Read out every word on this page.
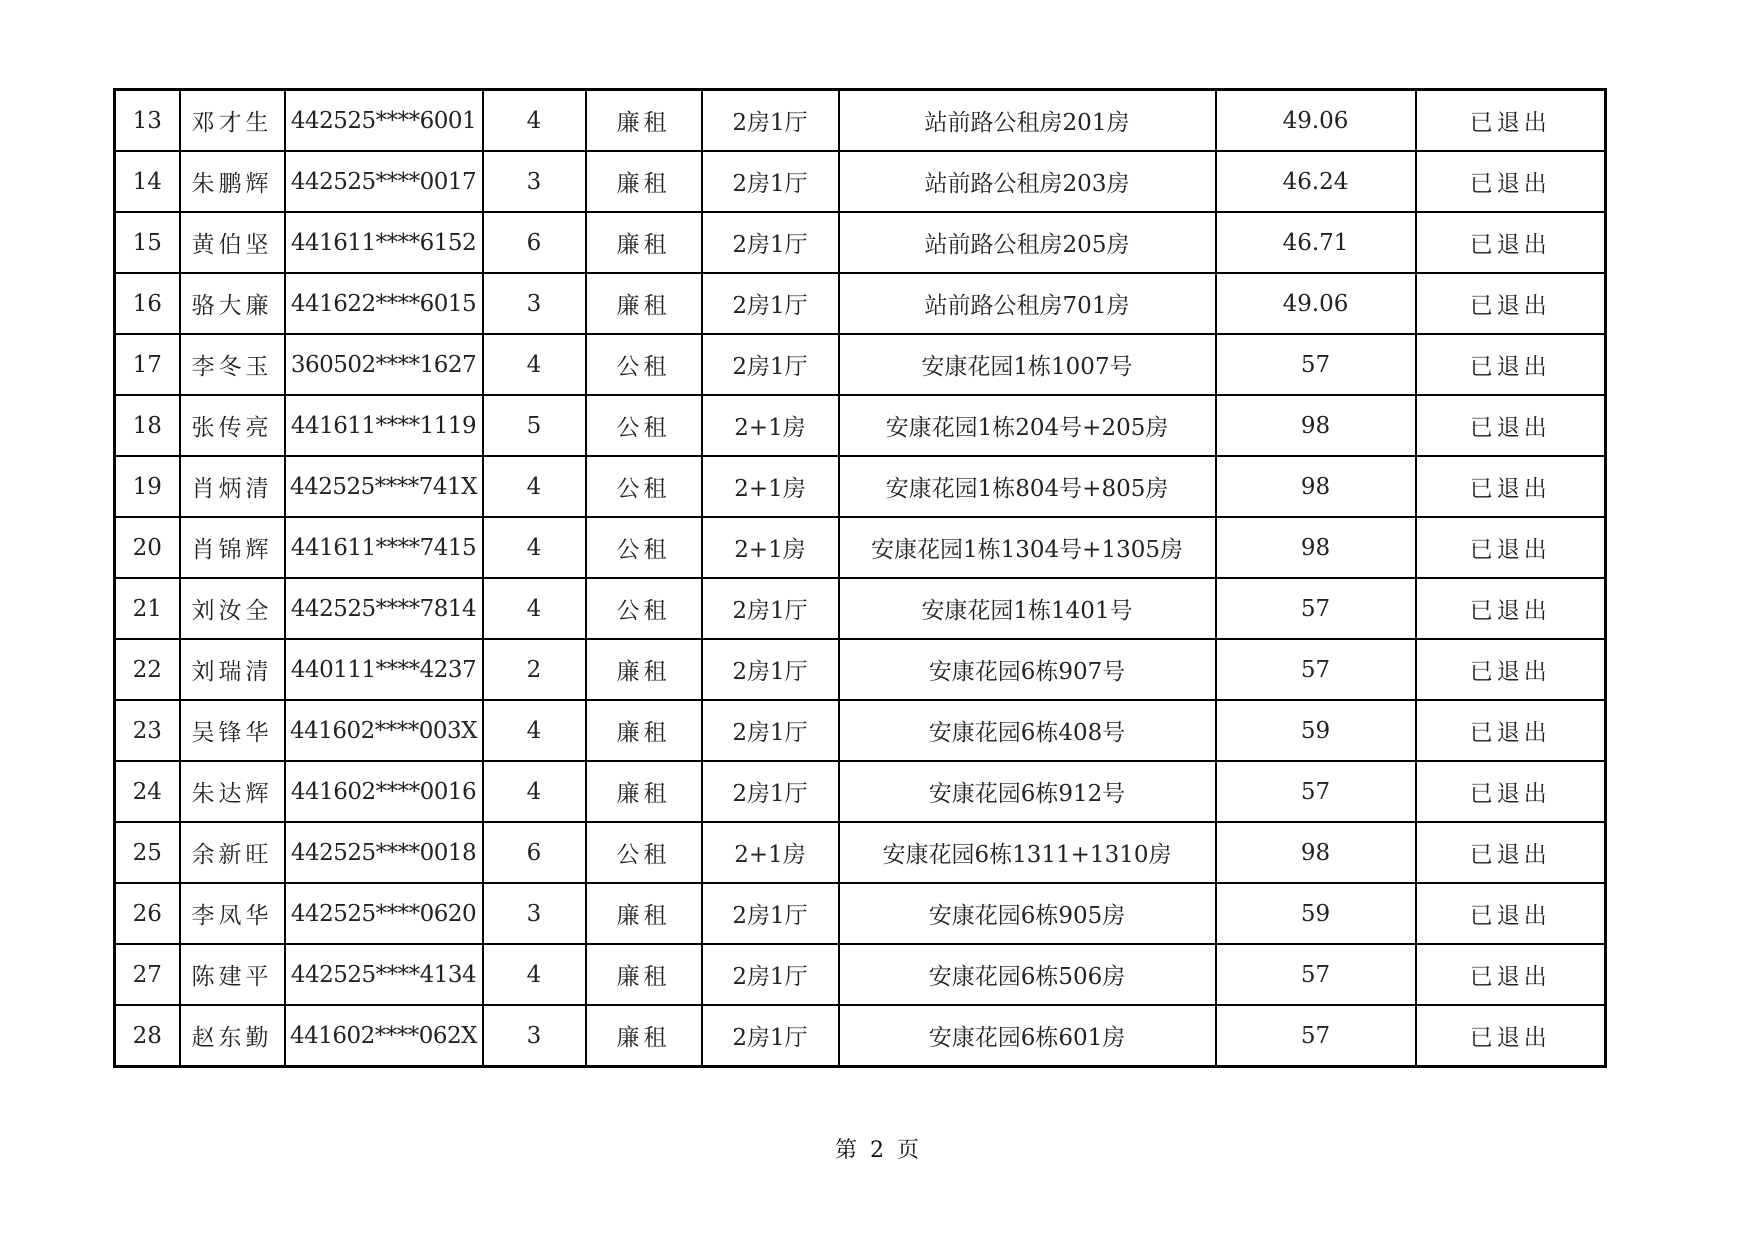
13	邓才生	442525****6001	4	廉租	2房1厅	站前路公租房201房	49.06	已退出
14	朱鹏辉	442525****0017	3	廉租	2房1厅	站前路公租房203房	46.24	已退出
15	黄伯坚	441611****6152	6	廉租	2房1厅	站前路公租房205房	46.71	已退出
16	骆大廉	441622****6015	3	廉租	2房1厅	站前路公租房701房	49.06	已退出
17	李冬玉	360502****1627	4	公租	2房1厅	安康花园1栋1007号	57	已退出
18	张传亮	441611****1119	5	公租	2+1房	安康花园1栋204号+205房	98	已退出
19	肖炳清	442525****741X	4	公租	2+1房	安康花园1栋804号+805房	98	已退出
20	肖锦辉	441611****7415	4	公租	2+1房	安康花园1栋1304号+1305房	98	已退出
21	刘汝全	442525****7814	4	公租	2房1厅	安康花园1栋1401号	57	已退出
22	刘瑞清	440111****4237	2	廉租	2房1厅	安康花园6栋907号	57	已退出
23	吴锋华	441602****003X	4	廉租	2房1厅	安康花园6栋408号	59	已退出
24	朱达辉	441602****0016	4	廉租	2房1厅	安康花园6栋912号	57	已退出
25	余新旺	442525****0018	6	公租	2+1房	安康花园6栋1311+1310房	98	已退出
26	李凤华	442525****0620	3	廉租	2房1厅	安康花园6栋905房	59	已退出
27	陈建平	442525****4134	4	廉租	2房1厅	安康花园6栋506房	57	已退出
28	赵东勤	441602****062X	3	廉租	2房1厅	安康花园6栋601房	57	已退出
第 2 页
